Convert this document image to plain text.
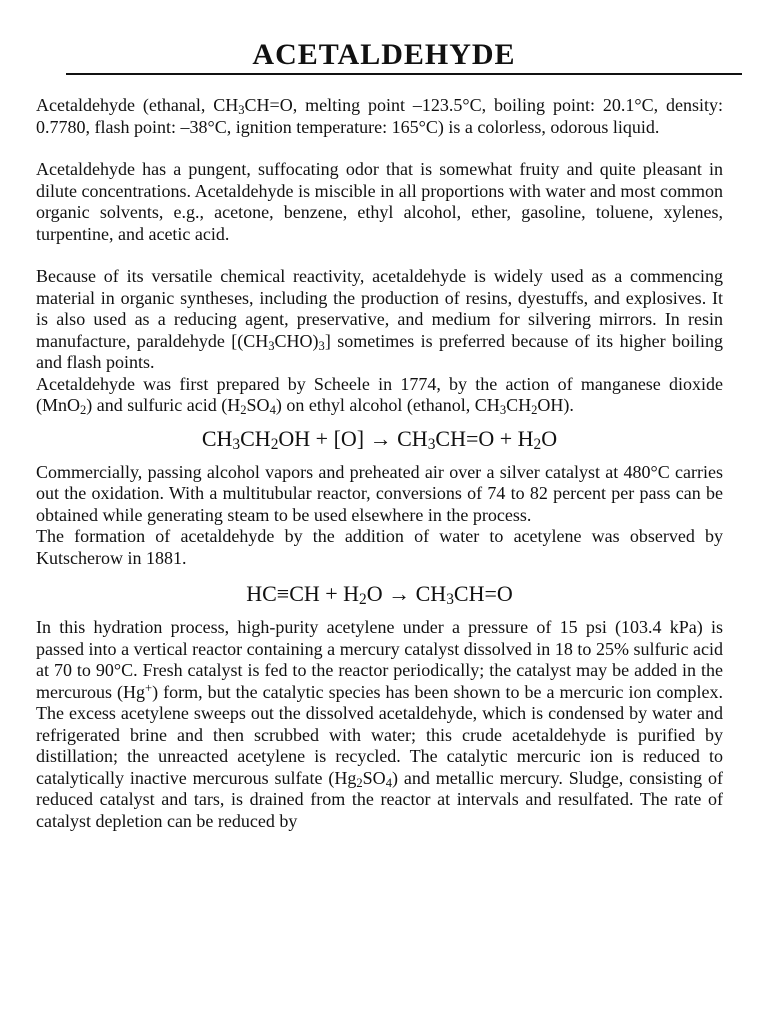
ACETALDEHYDE

Acetaldehyde (ethanal, $CH_3CH=O$, melting point –123.5°C, boiling point: 20.1°C, density: 0.7780, flash point: –38°C, ignition temperature: 165°C) is a colorless, odorous liquid.

Acetaldehyde has a pungent, suffocating odor that is somewhat fruity and quite pleasant in dilute concentrations. Acetaldehyde is miscible in all proportions with water and most common organic solvents, e.g., acetone, benzene, ethyl alcohol, ether, gasoline, toluene, xylenes, turpentine, and acetic acid.

Because of its versatile chemical reactivity, acetaldehyde is widely used as a commencing material in organic syntheses, including the production of resins, dyestuffs, and explosives. It is also used as a reducing agent, preservative, and medium for silvering mirrors. In resin manufacture, paraldehyde $[(CH_3CHO)_3]$ sometimes is preferred because of its higher boiling and flash points.

Acetaldehyde was first prepared by Scheele in 1774, by the action of manganese dioxide (MnO$_2$) and sulfuric acid $(H_2SO_4)$ on ethyl alcohol (ethanol, $CH_3CH_2OH$).

$CH_3CH_2OH + [O] \to CH_3CH=O + H_2O$

Commercially, passing alcohol vapors and preheated air over a silver catalyst at 480°C carries out the oxidation. With a multitubular reactor, conversions of 74 to 82 percent per pass can be obtained while generating steam to be used elsewhere in the process.

The formation of acetaldehyde by the addition of water to acetylene was observed by Kutscherow in 1881.

$HC\equiv CH + H_2O \to CH_3CH=O$

In this hydration process, high-purity acetylene under a pressure of 15 psi (103.4 kPa) is passed into a vertical reactor containing a mercury catalyst dissolved in 18 to 25% sulfuric acid at 70 to 90°C. Fresh catalyst is fed to the reactor periodically; the catalyst may be added in the mercurous (Hg+) form, but the catalytic species has been shown to be a mercuric ion complex. The excess acetylene sweeps out the dissolved acetaldehyde, which is condensed by water and refrigerated brine and then scrubbed with water; this crude acetaldehyde is purified by distillation; the unreacted acetylene is recycled. The catalytic mercuric ion is reduced to catalytically inactive mercurous sulfate $(Hg_2SO_4)$ and metallic mercury. Sludge, consisting of reduced catalyst and tars, is drained from the reactor at intervals and resulfated. The rate of catalyst depletion can be reduced by
